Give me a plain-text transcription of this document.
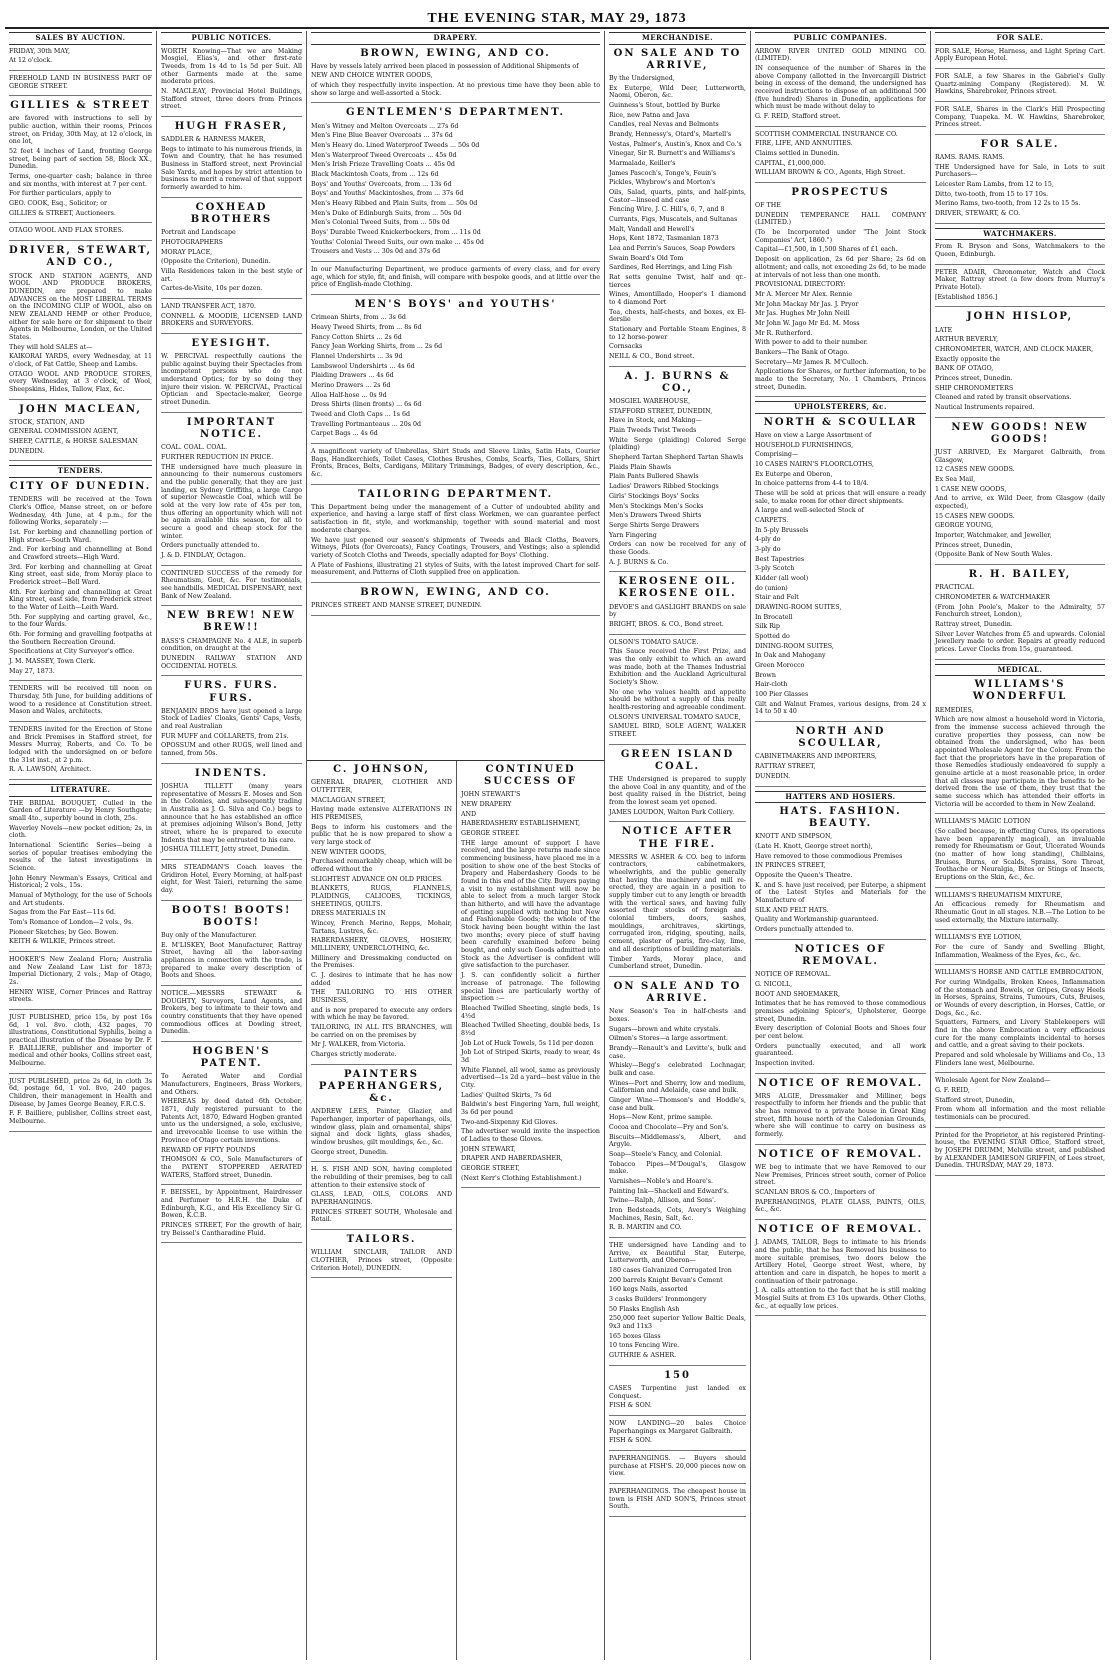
THE EVENING STAR, MAY 29, 1873
SALES BY AUCTION.

FRIDAY, 30th MAY,

At 12 o'clock.

FREEHOLD LAND IN BUSINESS PART OF GEORGE STREET.

GILLIES & STREET

are favored with instructions to sell by public auction, within their rooms, Princes street, on Friday, 30th May, at 12 o'clock, in one lot,

52 feet 4 inches of Land, fronting George street, being part of section 58, Block XX., Dunedin.

Terms, one-quarter cash; balance in three and six months, with interest at 7 per cent.

For further particulars, apply to

GEO. COOK, Esq., Solicitor; or

GILLIES & STREET, Auctioneers.

OTAGO WOOL AND FLAX STORES.

DRIVER, STEWART, AND CO.,

STOCK AND STATION AGENTS, AND WOOL AND PRODUCE BROKERS, DUNEDIN, are prepared to make ADVANCES on the MOST LIBERAL TERMS on the INCOMING CLIP of WOOL, also on NEW ZEALAND HEMP or other Produce, either for sale here or for shipment to their Agents in Melbourne, London, or the United States.

They will hold SALES at—

KAIKORAI YARDS, every Wednesday, at 11 o'clock, of Fat Cattle, Sheep and Lambs.

OTAGO WOOL AND PRODUCE STORES, every Wednesday, at 3 o'clock, of Wool, Sheepskins, Hides, Tallow, Flax, &c.

JOHN MACLEAN,

STOCK, STATION, AND

GENERAL COMMISSION AGENT,

SHEEP, CATTLE, & HORSE SALESMAN

DUNEDIN.

TENDERS.
CITY OF DUNEDIN.

TENDERS will be received at the Town Clerk's Office, Manse street, on or before Wednesday, 4th June, at 4 p.m., for the following Works, separately :—

1st. For kerbing and channelling portion of High street—South Ward.

2nd. For kerbing and channelling at Bond and Crawford streets—High Ward.

3rd. For kerbing and channelling at Great King street, east side, from Moray place to Frederick street—Bell Ward.

4th. For kerbing and channelling at Great King street, east side, from Frederick street to the Water of Leith—Leith Ward.

5th. For supplying and carting gravel, &c., to the four Wards.

6th. For forming and gravelling footpaths at the Southern Recreation Ground.

Specifications at City Surveyor's office.

J. M. MASSEY, Town Clerk.

May 27, 1873.

TENDERS will be received till noon on Thursday, 5th June, for building additions of wood to a residence at Constitution street. Mason and Wales, architects.

TENDERS invited for the Erection of Stone and Brick Premises in Stafford street, for Messrs Murray, Roberts, and Co. To be lodged with the undersigned on or before the 31st inst., at 2 p.m.

R. A. LAWSON, Architect.

LITERATURE.

THE BRIDAL BOUQUET, Culled in the Garden of Literature —by Henry Southgate; small 4to., superbly bound in cloth, 25s.

Waverley Novels—new pocket edition; 2s, in cloth.

International Scientific Series—being a series of popular treatises embodying the results of the latest investigations in Science.

John Henry Newman's Essays, Critical and Historical; 2 vols., 15s.

Manual of Mythology, for the use of Schools and Art students.

Sagas from the Far East—11s 6d.

Tom's Romance of London—2 vols., 9s.

Pioneer Sketches; by Geo. Bowen.

KEITH & WILKIE, Princes street.

HOOKER'S New Zealand Flora; Australia and New Zealand Law List for 1873; Imperial Dictionary, 2 vols.; Map of Otago, 2s.

HENRY WISE, Corner Princes and Rattray streets.

JUST PUBLISHED, price 15s, by post 16s 6d, 1 vol. 8vo. cloth, 432 pages, 70 illustrations, Constitutional Syphilis, being a practical illustration of the Disease by Dr. F. F. BAILLIERE, publisher and importer of medical and other books, Collins street east, Melbourne.

JUST PUBLISHED, price 2s 6d, in cloth 3s 6d, postage 6d, 1 vol. 8vo, 240 pages. Children, their management in Health and Disease, by James George Beaney, F.R.C.S.

F. F. Bailliere, publisher, Collins street east, Melbourne.

PUBLIC NOTICES.

WORTH Knowing—That we are Making Mosgiel, Elias's, and other first-rate Tweeds, from 1s 4d to 1s 5d per Suit. All other Garments made at the same moderate prices.

N. MACLEAY, Provincial Hotel Buildings, Stafford street, three doors from Princes street.

HUGH FRASER,

SADDLER & HARNESS MAKER,

Begs to intimate to his numerous friends, in Town and Country, that he has resumed Business in Stafford street, next Provincial Sale Yards, and hopes by strict attention to business to merit a renewal of that support formerly awarded to him.

COXHEAD BROTHERS

Portrait and Landscape

PHOTOGRAPHERS

MORAY PLACE,

(Opposite the Criterion), Dunedin.

Villa Residences taken in the best style of art.

Cartes-de-Visite, 10s per dozen.

LAND TRANSFER ACT, 1870.

CONNELL & MOODIE, LICENSED LAND BROKERS and SURVEYORS.

EYESIGHT.

W. PERCIVAL respectfully cautions the public against buying their Spectacles from incompetent persons who do not understand Optics; for by so doing they injure their vision. W. PERCIVAL, Practical Optician and Spectacle-maker, George street Dunedin.

IMPORTANT NOTICE.

COAL. COAL. COAL.

FURTHER REDUCTION IN PRICE.

THE undersigned have much pleasure in announcing to their numerous customers and the public generally, that they are just landing, ex Sydney Griffiths, a large Cargo of superior Newcastle Coal, which will be sold at the very low rate of 45s per ton, thus offering an opportunity which will not be again available this season, for all to secure a good and cheap stock for the winter.

Orders punctually attended to.

J. & D. FINDLAY, Octagon.

CONTINUED SUCCESS of the remedy for Rheumatism, Gout, &c. For testimonials, see handbills. MEDICAL DISPENSARY, next Bank of New Zealand.

NEW BREW! NEW BREW!!

BASS'S CHAMPAGNE No. 4 ALE, in superb condition, on draught at the

DUNEDIN RAILWAY STATION AND OCCIDENTAL HOTELS.

FURS. FURS. FURS.

BENJAMIN BROS have just opened a large Stock of Ladies' Cloaks, Gents' Caps, Vests, and real Australian

FUR MUFF and COLLARETS, from 21s.

OPOSSUM and other RUGS, well lined and tanned, from 50s.

INDENTS.

JOSHUA TILLETT (many years representative of Messrs E. Moses and Son in the Colonies, and subsequently trading in Australia as J. G. Silva and Co.) begs to announce that he has established an office at premises adjoining Wilson's Bond, Jetty street, where he is prepared to execute Indents that may be entrusted to his care.

JOSHUA TILLETT, Jetty street, Dunedin.

MRS STEADMAN'S Coach leaves the Gridiron Hotel, Every Morning, at half-past eight, for West Taieri, returning the same day.

BOOTS! BOOTS! BOOTS!

Buy only of the Manufacturer.

E. M'LISKEY, Boot Manufacturer, Rattray Street, having all the labor-saving appliances in connection with the trade, is prepared to make every description of Boots and Shoes.

NOTICE.—MESSRS STEWART & DOUGHTY, Surveyors, Land Agents, and Brokers, beg to intimate to their town and country constituents that they have opened commodious offices at Dowling street, Dunedin.

HOGBEN'S PATENT.

To Aerated Water and Cordial Manufacturers, Engineers, Brass Workers, and Others.

WHEREAS by deed dated 6th October, 1871, duly registered pursuant to the Patents Act, 1870, Edward Hogben granted unto us the undersigned, a sole, exclusive, and irrevocable license to use within the Province of Otago certain inventions.

REWARD OF FIFTY POUNDS

THOMSON & CO., Sole Manufacturers of the PATENT STOPPERED AERATED WATERS, Stafford street, Dunedin.

F. BEISSEL, by Appointment, Hairdresser and Perfumer to H.R.H. the Duke of Edinburgh, K.G., and His Excellency Sir G. Bowen, K.C.B.

PRINCES STREET, For the growth of hair, try Beissel's Cantharadine Fluid.

DRAPERY.
BROWN, EWING, AND CO.

Have by vessels lately arrived been placed in possession of Additional Shipments of

NEW AND CHOICE WINTER GOODS,

of which they respectfully invite inspection. At no previous time have they been able to show so large and well-assorted a Stock.

GENTLEMEN'S DEPARTMENT.

Men's Witney and Melton Overcoats ... 27s 6d

Men's Fine Blue Beaver Overcoats ... 37s 6d

Men's Heavy do. Lined Waterproof Tweeds ... 50s 0d

Men's Waterproof Tweed Overcoats ... 45s 0d

Men's Irish Frieze Travelling Coats ... 45s 0d

Black Mackintosh Coats, from ... 12s 6d

Boys' and Youths' Overcoats, from ... 13s 6d

Boys' and Youths' Mackintoshes, from ... 37s 6d

Men's Heavy Ribbed and Plain Suits, from ... 50s 0d

Men's Duke of Edinburgh Suits, from ... 50s 0d

Men's Colonial Tweed Suits, from ... 50s 0d

Boys' Durable Tweed Knickerbockers, from ... 11s 0d

Youths' Colonial Tweed Suits, our own make ... 45s 0d

Trousers and Vests ... 30s 0d and 37s 6d

In our Manufacturing Department, we produce garments of every class, and for every age, which for style, fit, and finish, will compare with bespoke goods, and at little over the price of English-made Clothing.

MEN'S BOYS' and YOUTHS'

Crimean Shirts, from ... 3s 6d

Heavy Tweed Shirts, from ... 8s 6d

Fancy Cotton Shirts ... 2s 6d

Fancy Jean Working Shirts, from ... 2s 6d

Flannel Undershirts ... 3s 9d

Lambswool Undershirts ... 4s 6d

Plaiding Drawers ... 4s 6d

Merino Drawers ... 2s 6d

Alloa Half-hose ... 0s 9d

Dress Shirts (linen fronts) ... 6s 6d

Tweed and Cloth Caps ... 1s 6d

Travelling Portmanteaus ... 20s 0d

Carpet Bags ... 4s 6d

A magnificent variety of Umbrellas, Shirt Studs and Sleeve Links, Satin Hats, Courier Bags, Handkerchiefs, Toilet Cases, Clothes Brushes, Combs, Scarfs, Ties, Collars, Shirt Fronts, Braces, Belts, Cardigans, Military Trimmings, Badges, of every description, &c., &c.

TAILORING DEPARTMENT.

This Department being under the management of a Cutter of undoubted ability and experience, and having a large staff of first class Workmen, we can guarantee perfect satisfaction in fit, style, and workmanship, together with sound material and most moderate charges.

We have just opened our season's shipments of Tweeds and Black Cloths, Beavers, Witneys, Pilots (for Overcoats), Fancy Coatings, Trousers, and Vestings; also a splendid variety of Scotch Cloths and Tweeds, specially adapted for Boys' Clothing.

A Plate of Fashions, illustrating 21 styles of Suits, with the latest improved Chart for self-measurement, and Patterns of Cloth supplied free on application.

BROWN, EWING, AND CO.

PRINCES STREET AND MANSE STREET, DUNEDIN.

C. JOHNSON,

GENERAL DRAPER, CLOTHIER AND OUTFITTER,

MACLAGGAN STREET,

Having made extensive ALTERATIONS IN HIS PREMISES,

Begs to inform his customers and the public that he is now prepared to show a very large stock of

NEW WINTER GOODS,

Purchased remarkably cheap, which will be offered without the

SLIGHTEST ADVANCE ON OLD PRICES.

BLANKETS, RUGS, FLANNELS, PLAIDINGS, CALICOES, TICKINGS, SHEETINGS, QUILTS.

DRESS MATERIALS IN

Wincey, French Merino, Repps, Mohair, Tartans, Lustres, &c.

HABERDASHERY, GLOVES, HOSIERY, MILLINERY, UNDERCLOTHING, &c.

Millinery and Dressmaking conducted on the Premises.

C. J. desires to intimate that he has now added

THE TAILORING TO HIS OTHER BUSINESS,

and is now prepared to execute any orders with which he may be favored.

TAILORING, IN ALL ITS BRANCHES, will be carried on on the premises by

Mr J. WALKER, from Victoria.

Charges strictly moderate.

PAINTERS PAPERHANGERS, &c.

ANDREW LEES, Painter, Glazier, and Paperhanger, importer of paperhangs, oils, window glass, plain and ornamental, ships' signal and dock lights, glass shades, window brushes, gilt mouldings, &c., &c.

George street, Dunedin.

H. S. FISH AND SON, having completed the rebuilding of their premises, beg to call attention to their extensive stock of

GLASS, LEAD, OILS, COLORS AND PAPERHANGINGS.

PRINCES STREET SOUTH, Wholesale and Retail.

TAILORS.

WILLIAM SINCLAIR, TAILOR AND CLOTHIER, Princes street, (Opposite Criterion Hotel), DUNEDIN.

CONTINUED SUCCESS OF

JOHN STEWART'S

NEW DRAPERY

AND

HABERDASHERY ESTABLISHMENT,

GEORGE STREET.

THE large amount of support I have received, and the large returns made since commencing business, have placed me in a position to show one of the best Stocks of Drapery and Haberdashery Goods to be found in this end of the City. Buyers paying a visit to my establishment will now be able to select from a much larger Stock than hitherto, and will have the advantage of getting supplied with nothing but New and Fashionable Goods; the whole of the Stock having been bought within the last two months; every piece of stuff having been carefully examined before being bought, and only such Goods admitted into Stock as the Advertiser is confident will give satisfaction to the purchaser.

J. S. can confidently solicit a further increase of patronage. The following special lines are particularly worthy of inspection :—

Bleached Twilled Sheeting, single beds, 1s 4½d

Bleached Twilled Sheeting, double beds, 1s 8½d

Job Lot of Huck Towels, 5s 11d per dozen

Job Lot of Striped Skirts, ready to wear, 4s 3d

White Flannel, all wool, same as previously advertised—1s 2d a yard—best value in the City.

Ladies' Quilted Skirts, 7s 6d

Baldwin's best Fingering Yarn, full weight, 3s 6d per pound

Two-and-Sixpenny Kid Gloves.

The advertiser would invite the inspection of Ladies to these Gloves.

JOHN STEWART,

DRAPER AND HABERDASHER,

GEORGE STREET,

(Next Kerr's Clothing Establishment.)

MERCHANDISE.
ON SALE AND TO ARRIVE,

By the Undersigned,

Ex Euterpe, Wild Deer, Lutterworth, Naomi, Oberon, &c.

Guinness's Stout, bottled by Burke

Rice, new Patna and Java

Candles, real Nevas and Belmonts

Brandy, Hennessy's, Otard's, Martell's

Vestas, Palmer's, Austin's, Knox and Co.'s

Vinegar, Sir R. Burnett's and Williams's

Marmalade, Keiller's

James Pascoch's, Tonge's, Feuin's

Pickles, Whybrow's and Morton's

Oils, Salad, quarts, pints, and half-pints, Castor—linseed and case

Fencing Wire, J. C. Hill's, 6, 7, and 8

Currants, Figs, Muscatels, and Sultanas

Malt, Vandall and Hewell's

Hops, Kent 1872, Tasmanian 1873

Lea and Perrin's Sauces, Soap Powders

Swain Board's Old Tom

Sardines, Red Herrings, and Ling Fish

Rat setts genuine Twist, half and qr.-tierces

Wines, Amontillado, Hooper's 1 diamond to 4 diamond Port

Tea, chests, half-chests, and boxes, ex El-derslie

Stationary and Portable Steam Engines, 8 to 12 horse-power

Cornsacks

NEILL & CO., Bond street.

A. J. BURNS & CO.,

MOSGIEL WAREHOUSE,

STAFFORD STREET, DUNEDIN,

Have in Stock, and Making—

Plain Tweeds Twist Tweeds

White Serge (plaiding) Colored Serge (plaiding)

Shepherd Tartan Shepherd Tartan Shawls

Plaids Plain Shawls

Plain Pants Bullered Shawls

Ladies' Drawers Ribbed Stockings

Girls' Stockings Boys' Socks

Men's Stockings Men's Socks

Men's Drawers Tweed Shirts

Serge Shirts Serge Drawers

Yarn Fingering

Orders can now be received for any of these Goods.

A. J. BURNS & Co.

KEROSENE OIL. KEROSENE OIL.

DEVOE'S and GASLIGHT BRANDS on sale by

BRIGHT, BROS. & CO., Bond street.

OLSON'S TOMATO SAUCE.

This Sauce received the First Prize, and was the only exhibit to which an award was made, both at the Thames Industrial Exhibition and the Auckland Agricultural Society's Show.

No one who values health and appetite should be without a supply of this really health-restoring and agreeable condiment.

OLSON'S UNIVERSAL TOMATO SAUCE,

SAMUEL BIRD, SOLE AGENT, WALKER STREET.

GREEN ISLAND COAL.

THE Undersigned is prepared to supply the above Coal in any quantity, and of the best quality raised in the District, being from the lowest seam yet opened.

JAMES LOUDON, Walton Park Colliery.

NOTICE AFTER THE FIRE.

MESSRS W. ASHER & CO. beg to inform contractors, cabinetmakers, wheelwrights, and the public generally that having the machinery and mill re-erected, they are again in a position to supply timber cut to any length or breadth with the vertical saws, and having fully assorted their stocks of foreign and colonial timbers, doors, sashes, mouldings, architraves, skirtings, corrugated iron, ridging, spouting, nails, cement, plaster of paris, fire-clay, lime, and all descriptions of building materials.

Timber Yards, Moray place, and Cumberland street, Dunedin.

ON SALE AND TO ARRIVE.

New Season's Tea in half-chests and boxes.

Sugars—brown and white crystals.

Oilmen's Stores—a large assortment.

Brandy—Renault's and Levitte's, bulk and case.

Whisky—Begg's celebrated Lochnagar, bulk and case.

Wines—Port and Sherry, low and medium, Californian and Adelaide, case and bulk.

Ginger Wine—Thomson's and Hoddle's, case and bulk.

Hops—New Kent, prime sample.

Cocoa and Chocolate—Fry and Son's.

Biscuits—Middlemass's, Albert, and Argyle.

Soap—Steele's Fancy, and Colonial.

Tobacco Pipes—M'Dougal's, Glasgow make.

Varnishes—Noble's and Hoare's.

Painting Ink—Shackell and Edward's.

Twine—Ralph, Allison, and Sons'.

Iron Bedsteads, Cots, Avery's Weighing Machines, Resin, Salt, &c.

R. B. MARTIN and CO.

THE undersigned have Landing and to Arrive, ex Beautiful Star, Euterpe, Lutterworth, and Oberon—

180 cases Galvanized Corrugated Iron

200 barrels Knight Bevan's Cement

160 kegs Nails, assorted

3 casks Builders' Ironmongery

50 Flasks English Ash

250,000 feet superior Yellow Baltic Deals, 9x3 and 11x3

165 boxes Glass

10 tons Fencing Wire.

GUTHRIE & ASHER.

150

CASES Turpentine just landed ex Conquest.

FISH & SON.

NOW LANDING—20 bales Choice Paperhangings ex Margaret Galbraith.

FISH & SON.

PAPERHANGINGS. — Buyers should purchase at FISH'S. 20,000 pieces now on view.

PAPERHANGINGS. The cheapest house in town is FISH AND SON'S, Princes street South.

PUBLIC COMPANIES.

ARROW RIVER UNITED GOLD MINING CO. (LIMITED).

IN consequence of the number of Shares in the above Company (allotted in the Invercargill District being in excess of the demand, the undersigned has received instructions to dispose of an additional 500 (five hundred) Shares in Dunedin, applications for which must be made without delay to

G. F. REID, Stafford street.

SCOTTISH COMMERCIAL INSURANCE CO.

FIRE, LIFE, AND ANNUITIES.

Claims settled in Dunedin.

CAPITAL, £1,000,000.

WILLIAM BROWN & CO., Agents, High Street.

PROSPECTUS

OF THE

DUNEDIN TEMPERANCE HALL COMPANY (LIMITED.)

(To be Incorporated under "The Joint Stock Companies' Act, 1860.")

Capital—£1,500, in 1,500 Shares of £1 each.

Deposit on application, 2s 6d per Share; 2s 6d on allotment; and calls, not exceeding 2s 6d, to be made at intervals of not less than one month.

PROVISIONAL DIRECTORY:

Mr A. Mercer Mr Alex. Rennie

Mr John Mackay Mr Jas. J. Pryor

Mr Jas. Hughes Mr John Neill

Mr John W. Jago Mr Ed. M. Moss

Mr R. Rutherford.

With power to add to their number.

Bankers—The Bank of Otago.

Secretary—Mr James R. M'Culloch.

Applications for Shares, or further information, to be made to the Secretary, No. 1 Chambers, Princes street, Dunedin.

UPHOLSTERERS, &c.
NORTH & SCOULLAR

Have on view a Large Assortment of

HOUSEHOLD FURNISHINGS,

Comprising—

10 CASES NAIRN'S FLOORCLOTHS,

Ex Euterpe and Oberon,

In choice patterns from 4-4 to 18/4.

These will be sold at prices that will ensure a ready sale, to make room for other direct shipments.

A large and well-selected Stock of

CARPETS.

In 5-ply Brussels

4-ply do

3-ply do

Best Tapestries

3-ply Scotch

Kidder (all wool)

do (union)

Stair and Felt

DRAWING-ROOM SUITES,

In Brocatell

Silk Rip

Spotted do

DINING-ROOM SUITES,

In Oak and Mahogany

Green Morocco

Brown

Hair-cloth

100 Pier Glasses

Gilt and Walnut Frames, various designs, from 24 x 14 to 50 x 40

NORTH AND SCOULLAR,

CABINETMAKERS AND IMPORTERS,

RATTRAY STREET,

DUNEDIN.

HATTERS AND HOSIERS.
HATS. FASHION. BEAUTY.

KNOTT AND SIMPSON,

(Late H. Knott, George street north),

Have removed to those commodious Premises

IN PRINCES STREET,

Opposite the Queen's Theatre.

K. and S. have just received, per Euterpe, a shipment of the Latest Styles and Materials for the Manufacture of

SILK AND FELT HATS.

Quality and Workmanship guaranteed.

Orders punctually attended to.

NOTICES OF REMOVAL.

NOTICE OF REMOVAL.

G. NICOLL,

BOOT AND SHOEMAKER,

Intimates that he has removed to those commodious premises adjoining Spicer's, Upholsterer, George street, Dunedin.

Every description of Colonial Boots and Shoes four per cent below.

Orders punctually executed, and all work guaranteed.

Inspection invited.

NOTICE OF REMOVAL.

MRS ALGIE, Dressmaker and Milliner, begs respectfully to inform her friends and the public that she has removed to a private house in Great King street, fifth house north of the Caledonian Grounds, where she will continue to carry on business as formerly.

NOTICE OF REMOVAL.

WE beg to intimate that we have Removed to our New Premises, Princes street south, corner of Police street.

SCANLAN BROS & CO., Importers of

PAPERHANGINGS, PLATE GLASS, PAINTS, OILS, &c., &c.

NOTICE OF REMOVAL.

J. ADAMS, TAILOR, Begs to intimate to his friends and the public, that he has Removed his business to more suitable premises, two doors below the Artillery Hotel, George street West, where, by attention and care in dispatch, he hopes to merit a continuation of their patronage.

J. A. calls attention to the fact that he is still making Mosgiel Suits at from £3 10s upwards. Other Cloths, &c., at equally low prices.

FOR SALE.

FOR SALE, Horse, Harness, and Light Spring Cart. Apply European Hotel.

FOR SALE, a few Shares in the Gabriel's Gully Quartz-mining Company (Registered). M. W. Hawkins, Sharebroker, Princes street.

FOR SALE, Shares in the Clark's Hill Prospecting Company, Tuapeka. M. W. Hawkins, Sharebroker, Princes street.

FOR SALE.

RAMS. RAMS. RAMS.

THE Undersigned have for Sale, in Lots to suit Purchasers—

Leicester Ram Lambs, from 12 to 15,

Ditto, two-tooth, from 15 to 17 10s.

Merino Rams, two-tooth, from 12 2s to 15 5s.

DRIVER, STEWART, & CO.

WATCHMAKERS.

From R. Bryson and Sons, Watchmakers to the Queen, Edinburgh.

PETER ADAIR, Chronometer, Watch and Clock Maker, Rattray street (a few doors from Murray's Private Hotel).

[Established 1856.]

JOHN HISLOP,

LATE

ARTHUR BEVERLY,

CHRONOMETER, WATCH, AND CLOCK MAKER,

Exactly opposite the

BANK OF OTAGO,

Princes street, Dunedin.

SHIP CHRONOMETERS

Cleaned and rated by transit observations.

Nautical Instruments repaired.

NEW GOODS! NEW GOODS!

JUST ARRIVED, Ex Margaret Galbraith, from Glasgow,

12 CASES NEW GOODS.

Ex Sea Mail,

1 CASE NEW GOODS,

And to arrive, ex Wild Deer, from Glasgow (daily expected),

15 CASES NEW GOODS.

GEORGE YOUNG,

Importer, Watchmaker, and Jeweller,

Princes street, Dunedin,

(Opposite Bank of New South Wales.

R. H. BAILEY,

PRACTICAL

CHRONOMETER & WATCHMAKER

(From John Poole's, Maker to the Admiralty, 57 Fenchurch street, London),

Rattray street, Dunedin.

Silver Lever Watches from £5 and upwards. Colonial Jewellery made to order. Repairs at greatly reduced prices. Lever Clocks from 15s, guaranteed.

MEDICAL.
WILLIAMS'S WONDERFUL

REMEDIES,

Which are now almost a household word in Victoria, from the immense success achieved through the curative properties they possess, can now be obtained from the undersigned, who has been appointed Wholesale Agent for the Colony. From the fact that the proprietors have in the preparation of those Remedies studiously endeavored to supply a genuine article at a most reasonable price, in order that all classes may participate in the benefits to be derived from the use of them, they trust that the same success which has attended their efforts in Victoria will be accorded to them in New Zealand.

WILLIAMS'S MAGIC LOTION

(So called because, in effecting Cures, its operations have been apparently magical), an invaluable remedy for Rheumatism or Gout, Ulcerated Wounds (no matter of how long standing), Chilblains, Bruises, Burns, or Scalds, Sprains, Sore Throat, Toothache or Neuralgia, Bites or Stings of Insects, Eruptions on the Skin, &c., &c.

WILLIAMS'S RHEUMATISM MIXTURE,

An efficacious remedy for Rheumatism and Rheumatic Gout in all stages. N.B.—The Lotion to be used externally, the Mixture internally.

WILLIAMS'S EYE LOTION,

For the cure of Sandy and Swelling Blight, Inflammation, Weakness of the Eyes, &c., &c.

WILLIAMS'S HORSE AND CATTLE EMBROCATION,

For curing Windgalls, Broken Knees, Inflammation of the stomach and Bowels, or Gripes, Greasy Heels in Horses, Sprains, Strains, Tumours, Cuts, Bruises, or Wounds of every description, in Horses, Cattle, or Dogs, &c., &c.

Squatters, Farmers, and Livery Stablekeepers will find in the above Embrocation a very efficacious cure for the many complaints incidental to horses and cattle, and a great saving to their pockets.

Prepared and sold wholesale by Williams and Co., 13 Flinders lane west, Melbourne.

Wholesale Agent for New Zealand—

G. F. REID,

Stafford street, Dunedin,

From whom all information and the most reliable testimonials can be procured.

Printed for the Proprietor, at his registered Printing-house, the EVENING STAR Office, Stafford street, by JOSEPH DRUMM, Melville street, and published by ALEXANDER JAMIESON GRIFFIN, of Lees street, Dunedin. THURSDAY, MAY 29, 1873.
